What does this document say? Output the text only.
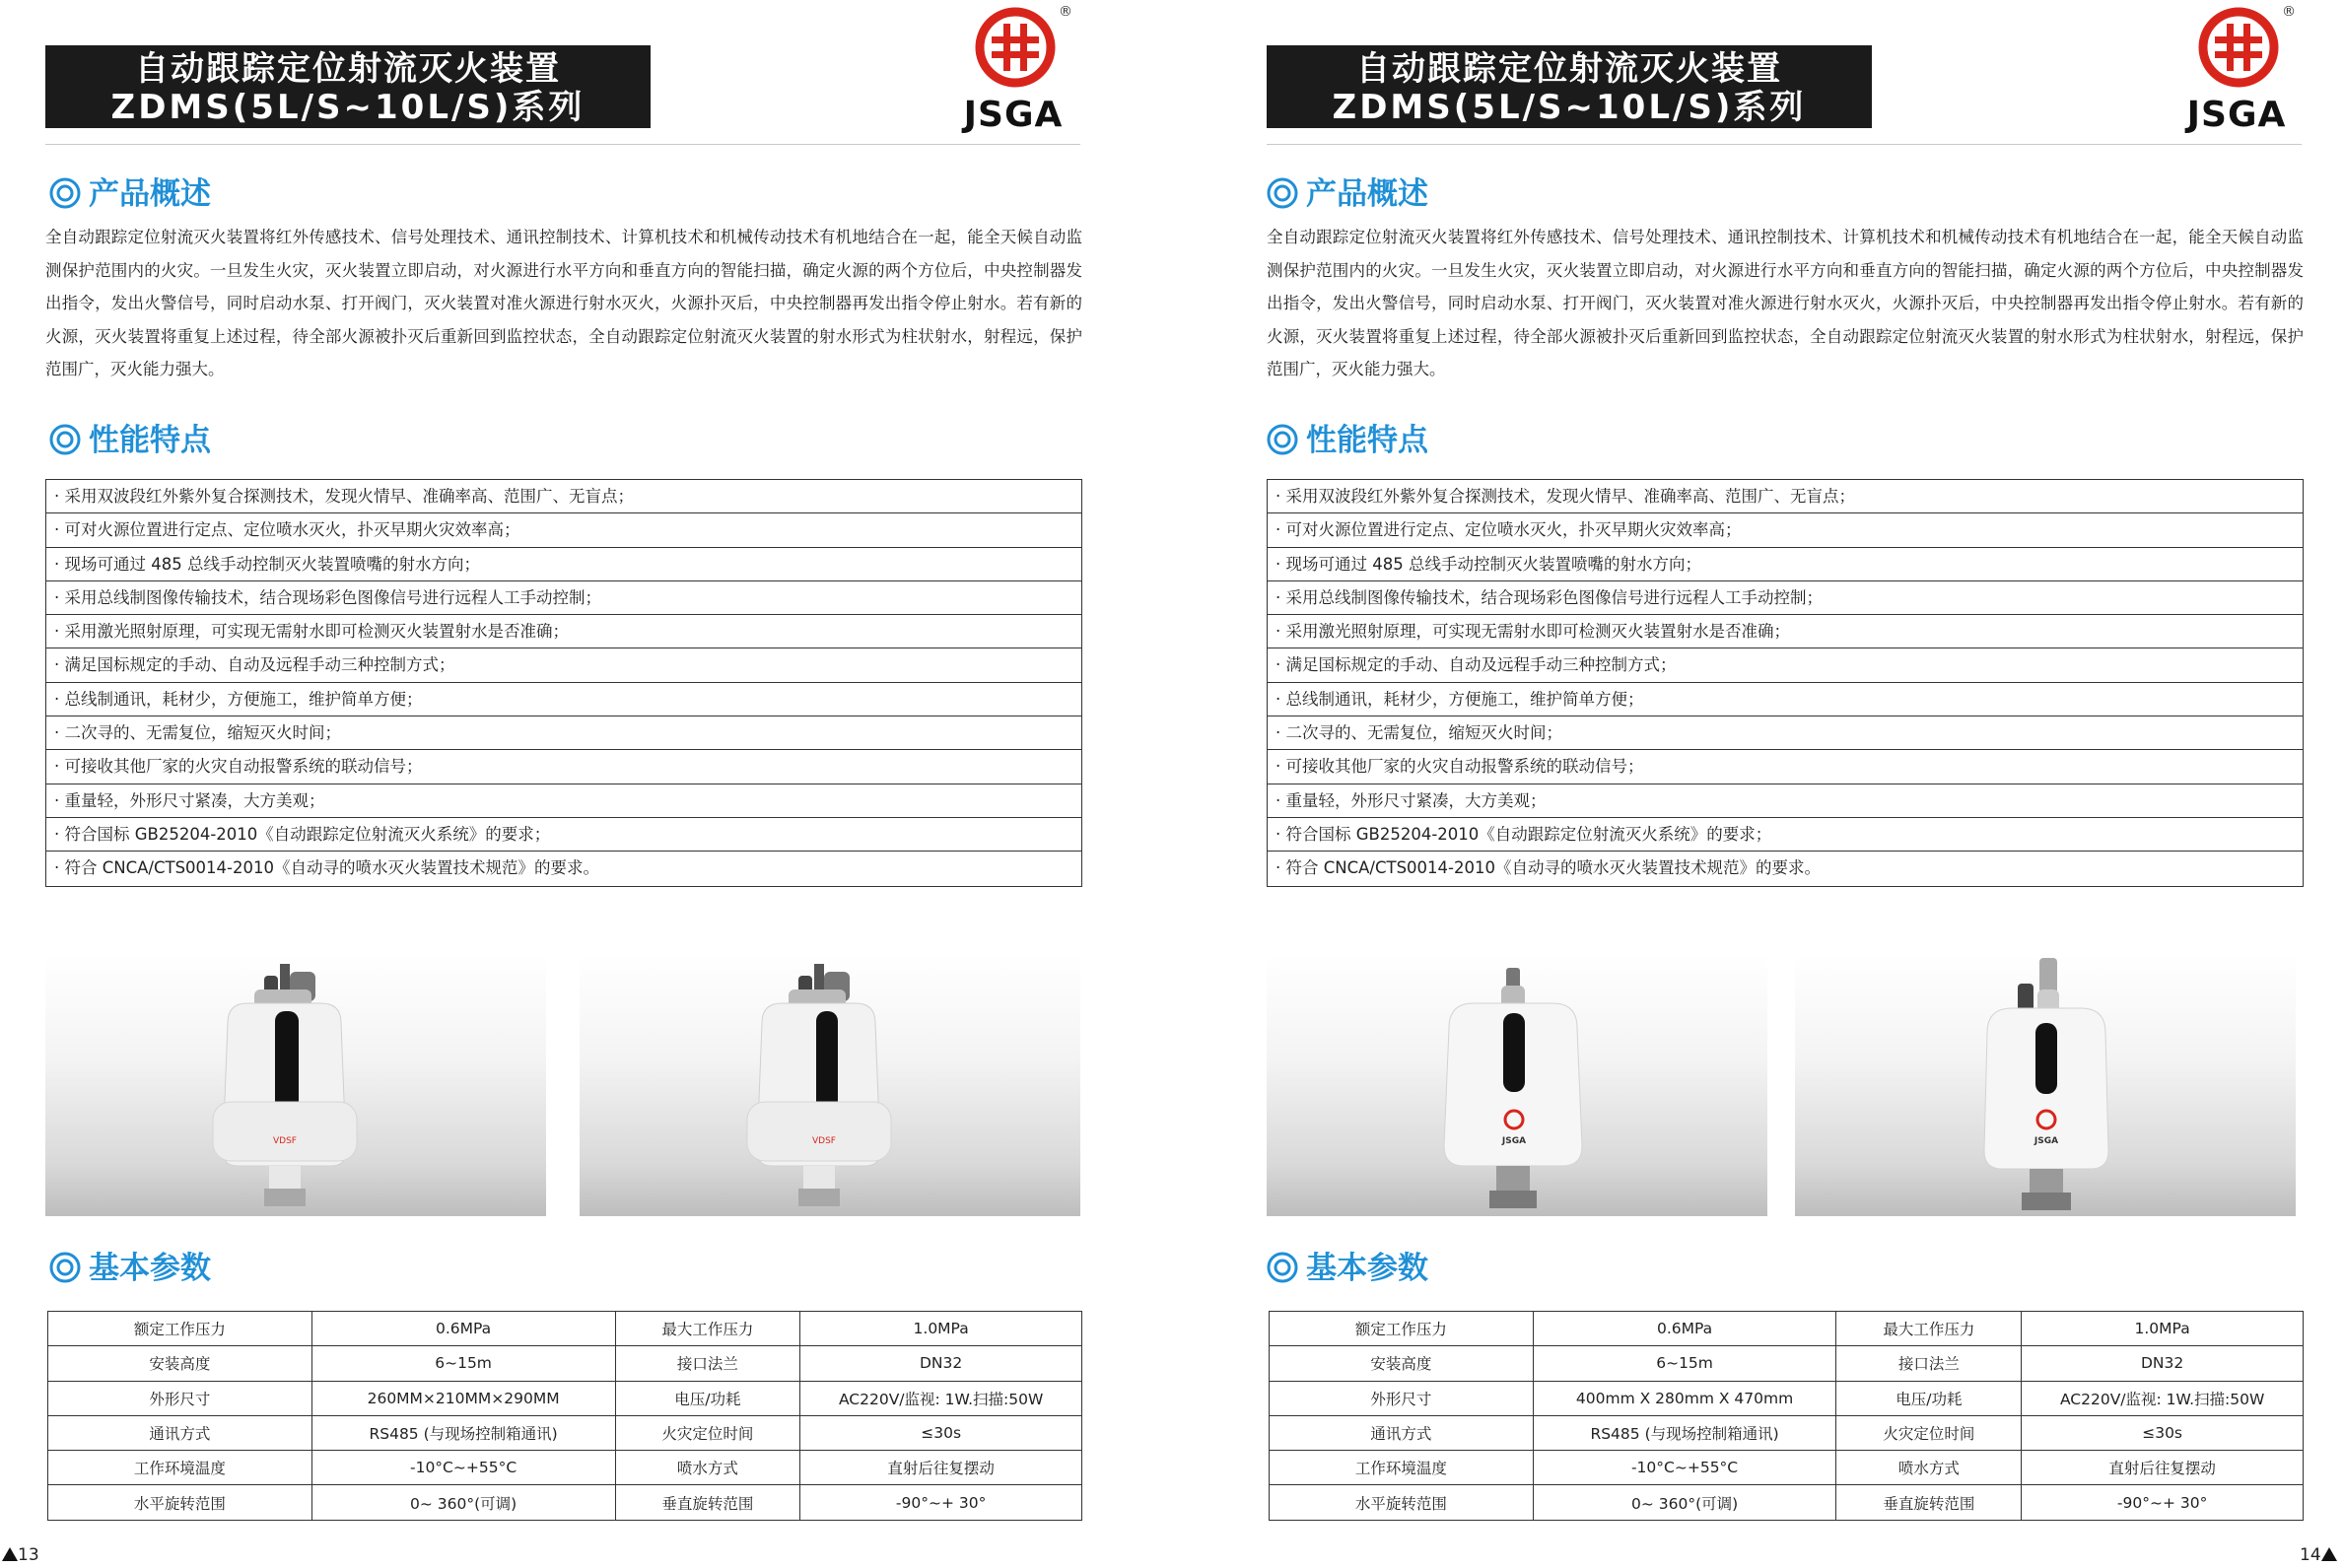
自动跟踪定位射流灭火装置
ZDMS(5L/S~10L/S)系列
®
JSGA
产品概述
全自动跟踪定位射流灭火装置将红外传感技术、信号处理技术、通讯控制技术、计算机技术和机械传动技术有机地结合在一起，能全天候自动监测保护范围内的火灾。一旦发生火灾，灭火装置立即启动，对火源进行水平方向和垂直方向的智能扫描，确定火源的两个方位后，中央控制器发出指令，发出火警信号，同时启动水泵、打开阀门，灭火装置对准火源进行射水灭火，火源扑灭后，中央控制器再发出指令停止射水。若有新的火源，灭火装置将重复上述过程，待全部火源被扑灭后重新回到监控状态，全自动跟踪定位射流灭火装置的射水形式为柱状射水，射程远，保护范围广，灭火能力强大。
性能特点
· 采用双波段红外紫外复合探测技术，发现火情早、准确率高、范围广、无盲点；
· 可对火源位置进行定点、定位喷水灭火，扑灭早期火灾效率高；
· 现场可通过 485 总线手动控制灭火装置喷嘴的射水方向；
· 采用总线制图像传输技术，结合现场彩色图像信号进行远程人工手动控制；
· 采用激光照射原理，可实现无需射水即可检测灭火装置射水是否准确；
· 满足国标规定的手动、自动及远程手动三种控制方式；
· 总线制通讯，耗材少，方便施工，维护简单方便；
· 二次寻的、无需复位，缩短灭火时间；
· 可接收其他厂家的火灾自动报警系统的联动信号；
· 重量轻，外形尺寸紧凑，大方美观；
· 符合国标 GB25204-2010《自动跟踪定位射流灭火系统》的要求；
· 符合 CNCA/CTS0014-2010《自动寻的喷水灭火装置技术规范》的要求。
VDSF	VDSF
基本参数
额定工作压力	0.6MPa	最大工作压力	1.0MPa
安装高度	6~15m	接口法兰	DN32
外形尺寸	260MM×210MM×290MM	电压/功耗	AC220V/监视: 1W.扫描:50W
通讯方式	RS485 (与现场控制箱通讯)	火灾定位时间	≤30s
工作环境温度	-10°C~+55°C	喷水方式	直射后往复摆动
水平旋转范围	0~ 360°(可调)	垂直旋转范围	-90°~+ 30°
13
自动跟踪定位射流灭火装置
ZDMS(5L/S~10L/S)系列
®
JSGA
产品概述
全自动跟踪定位射流灭火装置将红外传感技术、信号处理技术、通讯控制技术、计算机技术和机械传动技术有机地结合在一起，能全天候自动监测保护范围内的火灾。一旦发生火灾，灭火装置立即启动，对火源进行水平方向和垂直方向的智能扫描，确定火源的两个方位后，中央控制器发出指令，发出火警信号，同时启动水泵、打开阀门，灭火装置对准火源进行射水灭火，火源扑灭后，中央控制器再发出指令停止射水。若有新的火源，灭火装置将重复上述过程，待全部火源被扑灭后重新回到监控状态，全自动跟踪定位射流灭火装置的射水形式为柱状射水，射程远，保护范围广，灭火能力强大。
性能特点
· 采用双波段红外紫外复合探测技术，发现火情早、准确率高、范围广、无盲点；
· 可对火源位置进行定点、定位喷水灭火，扑灭早期火灾效率高；
· 现场可通过 485 总线手动控制灭火装置喷嘴的射水方向；
· 采用总线制图像传输技术，结合现场彩色图像信号进行远程人工手动控制；
· 采用激光照射原理，可实现无需射水即可检测灭火装置射水是否准确；
· 满足国标规定的手动、自动及远程手动三种控制方式；
· 总线制通讯，耗材少，方便施工，维护简单方便；
· 二次寻的、无需复位，缩短灭火时间；
· 可接收其他厂家的火灾自动报警系统的联动信号；
· 重量轻，外形尺寸紧凑，大方美观；
· 符合国标 GB25204-2010《自动跟踪定位射流灭火系统》的要求；
· 符合 CNCA/CTS0014-2010《自动寻的喷水灭火装置技术规范》的要求。
JSGA	JSGA
基本参数
额定工作压力	0.6MPa	最大工作压力	1.0MPa
安装高度	6~15m	接口法兰	DN32
外形尺寸	400mm X 280mm X 470mm	电压/功耗	AC220V/监视: 1W.扫描:50W
通讯方式	RS485 (与现场控制箱通讯)	火灾定位时间	≤30s
工作环境温度	-10°C~+55°C	喷水方式	直射后往复摆动
水平旋转范围	0~ 360°(可调)	垂直旋转范围	-90°~+ 30°
14
